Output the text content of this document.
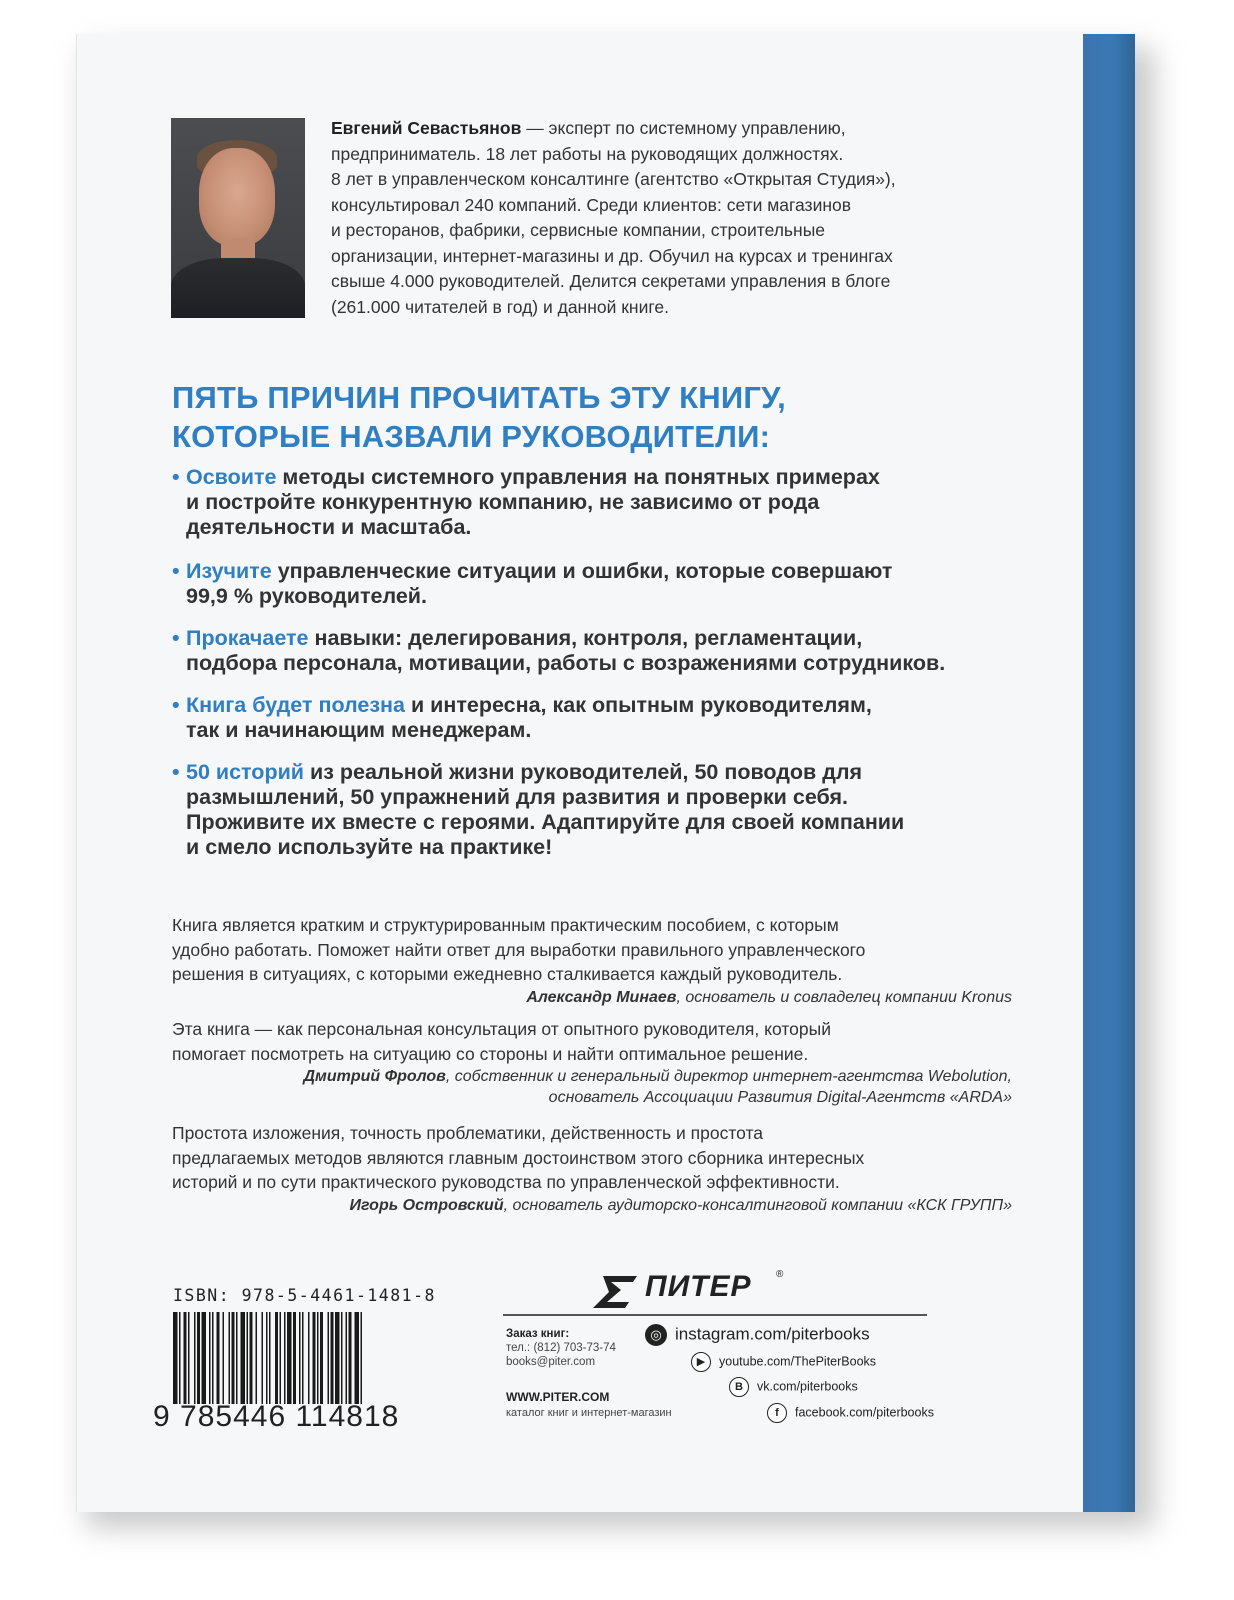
Евгений Севастьянов — эксперт по системному управлению,
предприниматель. 18 лет работы на руководящих должностях.
8 лет в управленческом консалтинге (агентство «Открытая Студия»),
консультировал 240 компаний. Среди клиентов: сети магазинов
и ресторанов, фабрики, сервисные компании, строительные
организации, интернет-магазины и др. Обучил на курсах и тренингах
свыше 4.000 руководителей. Делится секретами управления в блоге
(261.000 читателей в год) и данной книге.
ПЯТЬ ПРИЧИН ПРОЧИТАТЬ ЭТУ КНИГУ,
КОТОРЫЕ НАЗВАЛИ РУКОВОДИТЕЛИ:
• Освоите методы системного управления на понятных примерах
и постройте конкурентную компанию, не зависимо от рода
деятельности и масштаба.
• Изучите управленческие ситуации и ошибки, которые совершают
99,9 % руководителей.
• Прокачаете навыки: делегирования, контроля, регламентации,
подбора персонала, мотивации, работы с возражениями сотрудников.
• Книга будет полезна и интересна, как опытным руководителям,
так и начинающим менеджерам.
• 50 историй из реальной жизни руководителей, 50 поводов для
размышлений, 50 упражнений для развития и проверки себя.
Проживите их вместе с героями. Адаптируйте для своей компании
и смело используйте на практике!
Книга является кратким и структурированным практическим пособием, с которым
удобно работать. Поможет найти ответ для выработки правильного управленческого
решения в ситуациях, с которыми ежедневно сталкивается каждый руководитель.
Александр Минаев, основатель и совладелец компании Kronus
Эта книга — как персональная консультация от опытного руководителя, который
помогает посмотреть на ситуацию со стороны и найти оптимальное решение.
Дмитрий Фролов, собственник и генеральный директор интернет-агентства Webolution,
основатель Ассоциации Развития Digital-Агентств «ARDA»
Простота изложения, точность проблематики, действенность и простота
предлагаемых методов являются главным достоинством этого сборника интересных
историй и по сути практического руководства по управленческой эффективности.
Игорь Островский, основатель аудиторско-консалтинговой компании «КСК ГРУПП»
ISBN: 978-5-4461-1481-8
9 785446 114818
ПИТЕР ®
Заказ книг:
тел.: (812) 703-73-74
books@piter.com
WWW.PITER.COM
каталог книг и интернет-магазин
◎ instagram.com/piterbooks
▶ youtube.com/ThePiterBooks
В vk.com/piterbooks
f facebook.com/piterbooks
